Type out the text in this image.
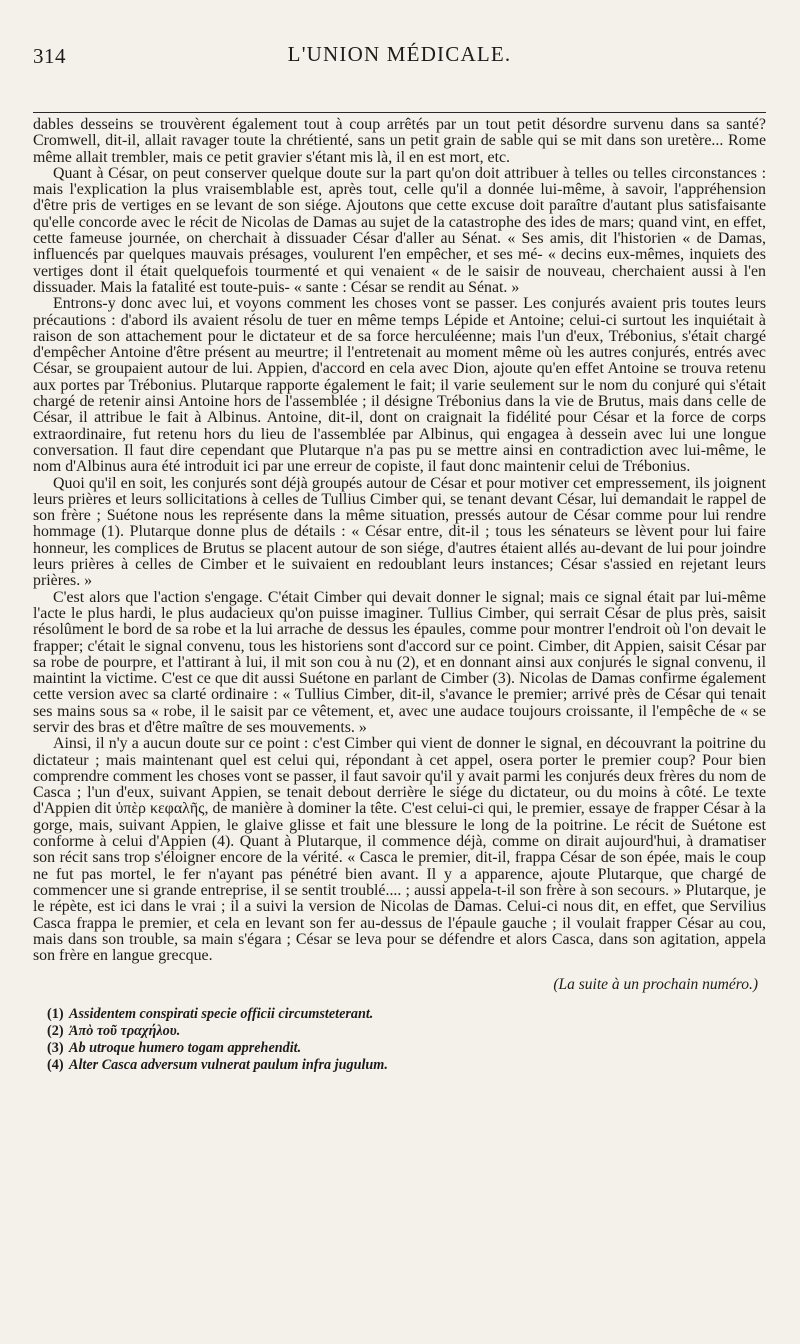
314	L'UNION MÉDICALE.

dables desseins se trouvèrent également tout à coup arrêtés par un tout petit désordre survenu dans sa santé? Cromwell, dit-il, allait ravager toute la chrétienté, sans un petit grain de sable qui se mit dans son uretère... Rome même allait trembler, mais ce petit gravier s'étant mis là, il en est mort, etc.

Quant à César, on peut conserver quelque doute sur la part qu'on doit attribuer à telles ou telles circonstances : mais l'explication la plus vraisemblable est, après tout, celle qu'il a donnée lui-même, à savoir, l'appréhension d'être pris de vertiges en se levant de son siége. Ajoutons que cette excuse doit paraître d'autant plus satisfaisante qu'elle concorde avec le récit de Nicolas de Damas au sujet de la catastrophe des ides de mars; quand vint, en effet, cette fameuse journée, on cherchait à dissuader César d'aller au Sénat. « Ses amis, dit l'historien « de Damas, influencés par quelques mauvais présages, voulurent l'en empêcher, et ses mé- « decins eux-mêmes, inquiets des vertiges dont il était quelquefois tourmenté et qui venaient « de le saisir de nouveau, cherchaient aussi à l'en dissuader. Mais la fatalité est toute-puis- « sante : César se rendit au Sénat. »

Entrons-y donc avec lui, et voyons comment les choses vont se passer. Les conjurés avaient pris toutes leurs précautions : d'abord ils avaient résolu de tuer en même temps Lépide et Antoine; celui-ci surtout les inquiétait à raison de son attachement pour le dictateur et de sa force herculéenne; mais l'un d'eux, Trébonius, s'était chargé d'empêcher Antoine d'être présent au meurtre; il l'entretenait au moment même où les autres conjurés, entrés avec César, se groupaient autour de lui. Appien, d'accord en cela avec Dion, ajoute qu'en effet Antoine se trouva retenu aux portes par Trébonius. Plutarque rapporte également le fait; il varie seulement sur le nom du conjuré qui s'était chargé de retenir ainsi Antoine hors de l'assemblée ; il désigne Trébonius dans la vie de Brutus, mais dans celle de César, il attribue le fait à Albinus. Antoine, dit-il, dont on craignait la fidélité pour César et la force de corps extraordinaire, fut retenu hors du lieu de l'assemblée par Albinus, qui engagea à dessein avec lui une longue conversation. Il faut dire cependant que Plutarque n'a pas pu se mettre ainsi en contradiction avec lui-même, le nom d'Albinus aura été introduit ici par une erreur de copiste, il faut donc maintenir celui de Trébonius.

Quoi qu'il en soit, les conjurés sont déjà groupés autour de César et pour motiver cet empressement, ils joignent leurs prières et leurs sollicitations à celles de Tullius Cimber qui, se tenant devant César, lui demandait le rappel de son frère ; Suétone nous les représente dans la même situation, pressés autour de César comme pour lui rendre hommage (1). Plutarque donne plus de détails : « César entre, dit-il ; tous les sénateurs se lèvent pour lui faire honneur, les complices de Brutus se placent autour de son siége, d'autres étaient allés au-devant de lui pour joindre leurs prières à celles de Cimber et le suivaient en redoublant leurs instances; César s'assied en rejetant leurs prières. »

C'est alors que l'action s'engage. C'était Cimber qui devait donner le signal; mais ce signal était par lui-même l'acte le plus hardi, le plus audacieux qu'on puisse imaginer. Tullius Cimber, qui serrait César de plus près, saisit résolûment le bord de sa robe et la lui arrache de dessus les épaules, comme pour montrer l'endroit où l'on devait le frapper; c'était le signal convenu, tous les historiens sont d'accord sur ce point. Cimber, dit Appien, saisit César par sa robe de pourpre, et l'attirant à lui, il mit son cou à nu (2), et en donnant ainsi aux conjurés le signal convenu, il maintint la victime. C'est ce que dit aussi Suétone en parlant de Cimber (3). Nicolas de Damas confirme également cette version avec sa clarté ordinaire : « Tullius Cimber, dit-il, s'avance le premier; arrivé près de César qui tenait ses mains sous sa « robe, il le saisit par ce vêtement, et, avec une audace toujours croissante, il l'empêche de « se servir des bras et d'être maître de ses mouvements. »

Ainsi, il n'y a aucun doute sur ce point : c'est Cimber qui vient de donner le signal, en découvrant la poitrine du dictateur ; mais maintenant quel est celui qui, répondant à cet appel, osera porter le premier coup? Pour bien comprendre comment les choses vont se passer, il faut savoir qu'il y avait parmi les conjurés deux frères du nom de Casca ; l'un d'eux, suivant Appien, se tenait debout derrière le siége du dictateur, ou du moins à côté. Le texte d'Appien dit ὑπὲρ κεφαλῆς, de manière à dominer la tête. C'est celui-ci qui, le premier, essaye de frapper César à la gorge, mais, suivant Appien, le glaive glisse et fait une blessure le long de la poitrine. Le récit de Suétone est conforme à celui d'Appien (4). Quant à Plutarque, il commence déjà, comme on dirait aujourd'hui, à dramatiser son récit sans trop s'éloigner encore de la vérité. « Casca le premier, dit-il, frappa César de son épée, mais le coup ne fut pas mortel, le fer n'ayant pas pénétré bien avant. Il y a apparence, ajoute Plutarque, que chargé de commencer une si grande entreprise, il se sentit troublé.... ; aussi appela-t-il son frère à son secours. » Plutarque, je le répète, est ici dans le vrai ; il a suivi la version de Nicolas de Damas. Celui-ci nous dit, en effet, que Servilius Casca frappa le premier, et cela en levant son fer au-dessus de l'épaule gauche ; il voulait frapper César au cou, mais dans son trouble, sa main s'égara ; César se leva pour se défendre et alors Casca, dans son agitation, appela son frère en langue grecque.

(La suite à un prochain numéro.)
(1) Assidentem conspirati specie officii circumsteterant.
(2) Ἀπὸ τοῦ τραχήλου.
(3) Ab utroque humero togam apprehendit.
(4) Alter Casca adversum vulnerat paulum infra jugulum.
